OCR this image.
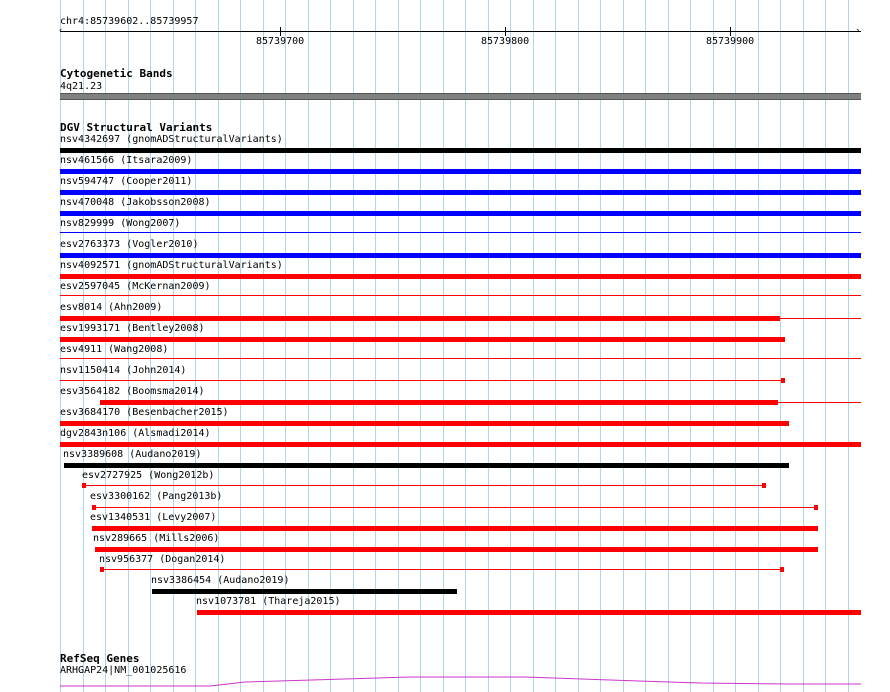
chr4:85739602..85739957
‹	›
85739700	85739800	85739900
Cytogenetic Bands
4q21.23
DGV Structural Variants
nsv4342697 (gnomADStructuralVariants)
nsv461566 (Itsara2009)
nsv594747 (Cooper2011)
nsv470048 (Jakobsson2008)
nsv829999 (Wong2007)
esv2763373 (Vogler2010)
nsv4092571 (gnomADStructuralVariants)
esv2597045 (McKernan2009)
esv8014 (Ahn2009)
esv1993171 (Bentley2008)
esv4911 (Wang2008)
nsv1150414 (John2014)
esv3564182 (Boomsma2014)
esv3684170 (Besenbacher2015)
dgv2843n106 (Alsmadi2014)
nsv3389608 (Audano2019)
esv2727925 (Wong2012b)
esv3300162 (Pang2013b)
esv1340531 (Levy2007)
nsv289665 (Mills2006)
nsv956377 (Dogan2014)
nsv3386454 (Audano2019)
nsv1073781 (Thareja2015)
RefSeq Genes
ARHGAP24|NM_001025616
